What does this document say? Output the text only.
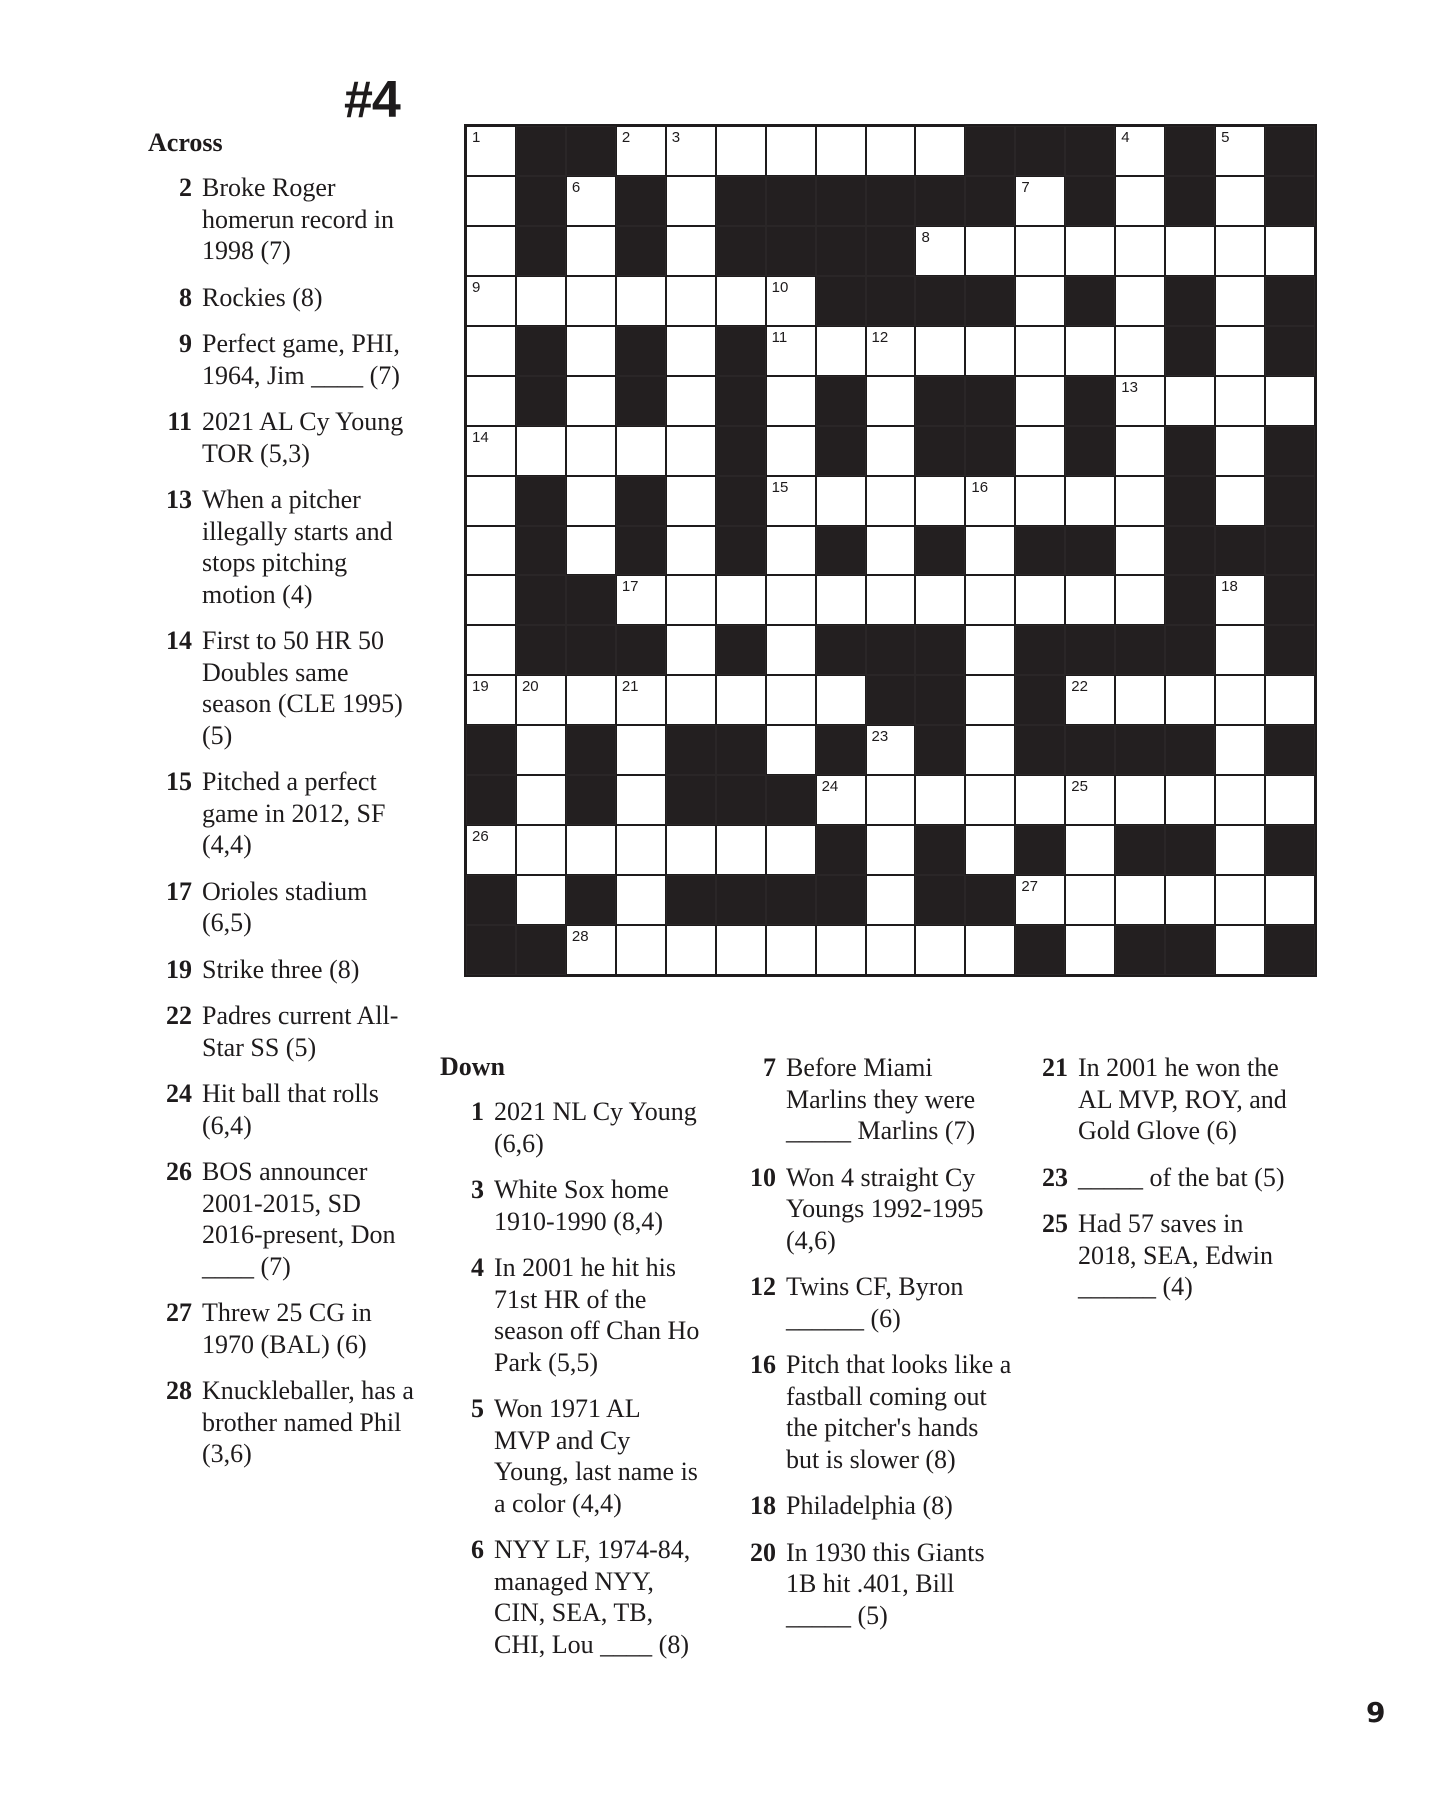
#4
1	2	3	4	5
6	7
8
9	10
11	12
13
14
15	16
17	18
19 20	21	22
23
24	25
26
27
28
Across
2 Broke Roger homerun record in 1998 (7)
8 Rockies (8)
9 Perfect game, PHI, 1964, Jim ____ (7)
11 2021 AL Cy Young TOR (5,3)
13 When a pitcher illegally starts and stops pitching motion (4)
14 First to 50 HR 50 Doubles same season (CLE 1995) (5)
15 Pitched a perfect game in 2012, SF (4,4)
17 Orioles stadium (6,5)
19 Strike three (8)
22 Padres current All-Star SS (5)
24 Hit ball that rolls (6,4)
26 BOS announcer 2001-2015, SD 2016-present, Don ____ (7)
27 Threw 25 CG in 1970 (BAL) (6)
28 Knuckleballer, has a brother named Phil (3,6)
Down
1 2021 NL Cy Young (6,6)
3 White Sox home 1910-1990 (8,4)
4 In 2001 he hit his 71st HR of the season off Chan Ho Park (5,5)
5 Won 1971 AL MVP and Cy Young, last name is a color (4,4)
6 NYY LF, 1974-84, managed NYY, CIN, SEA, TB, CHI, Lou ____ (8)
7 Before Miami Marlins they were _____ Marlins (7)
10 Won 4 straight Cy Youngs 1992-1995 (4,6)
12 Twins CF, Byron ______ (6)
16 Pitch that looks like a fastball coming out the pitcher's hands but is slower (8)
18 Philadelphia (8)
20 In 1930 this Giants 1B hit .401, Bill _____ (5)
21 In 2001 he won the AL MVP, ROY, and Gold Glove (6)
23 _____ of the bat (5)
25 Had 57 saves in 2018, SEA, Edwin ______ (4)
9
